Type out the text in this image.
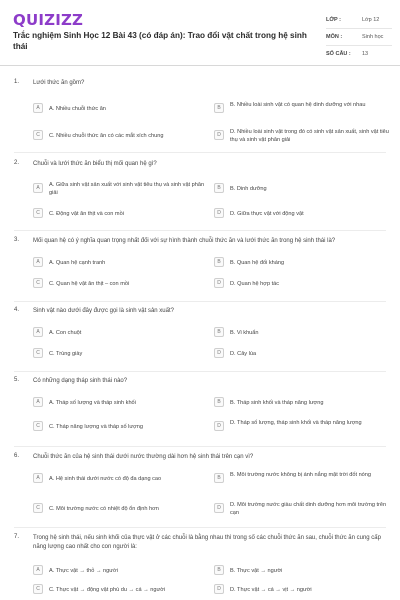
QUIZIZZ
Trắc nghiệm Sinh Học 12 Bài 43 (có đáp án): Trao đổi vật chất trong hệ sinh thái
LỚP :	Lớp 12
MÔN :	Sinh học
SỐ CÂU : 13
1. Lưới thức ăn gồm?
A	A. Nhiều chuỗi thức ăn	B	B. Nhiều loài sinh vật có quan hệ dinh dưỡng với nhau
C	C. Nhiều chuỗi thức ăn có các mắt xích chung	D	D. Nhiều loài sinh vật trong đó có sinh vật sản xuất, sinh vật tiêu thụ và sinh vật phân giải
2. Chuỗi và lưới thức ăn biểu thị mối quan hệ gì?
A	A. Giữa sinh vật sản xuất với sinh vật tiêu thụ và sinh vật phân giải
B	B. Dinh dưỡng
C	C. Động vật ăn thịt và con mồi	D	D. Giữa thực vật với động vật
3. Mối quan hệ có ý nghĩa quan trọng nhất đối với sự hình thành chuỗi thức ăn và lưới thức ăn trong hệ sinh thái là?
A	A. Quan hệ cạnh tranh	B	B. Quan hệ đối kháng
C	C. Quan hệ vật ăn thịt – con mồi	D	D. Quan hệ hợp tác
4. Sinh vật nào dưới đây được gọi là sinh vật sản xuất?
A	A. Con chuột	B	B. Vi khuẩn
C	C. Trùng giày	D	D. Cây lúa
5. Có những dạng tháp sinh thái nào?
A	A. Tháp số lượng và tháp sinh khối	B	B. Tháp sinh khối và tháp năng lượng
C	C. Tháp năng lượng và tháp số lượng	D	D. Tháp số lượng, tháp sinh khối và tháp năng lượng
6. Chuỗi thức ăn của hệ sinh thái dưới nước thường dài hơn hệ sinh thái trên cạn vì?
A	A. Hệ sinh thái dưới nước có độ đa dạng cao	B	B. Môi trường nước không bị ánh nắng mặt trời đốt nóng
C	C. Môi trường nước có nhiệt độ ổn định hơn	D	D. Môi trường nước giàu chất dinh dưỡng hơn môi trường trên cạn
7. Trong hệ sinh thái, nếu sinh khối của thực vật ở các chuỗi là bằng nhau thì trong số các chuỗi thức ăn sau, chuỗi thức ăn cung cấp năng lượng cao nhất cho con người là:
A	A. Thực vật → thỏ → người	B	B. Thực vật → người
C	C. Thực vật → động vật phù du → cá → người	D	D. Thực vật → cá → vịt → người
